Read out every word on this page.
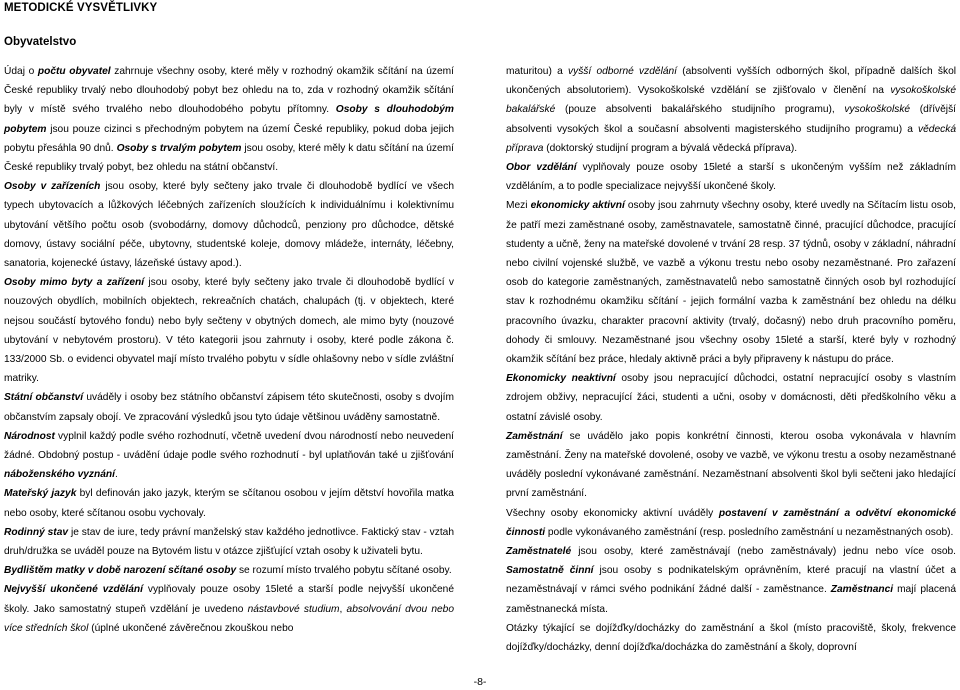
METODICKÉ VYSVĚTLIVKY
Obyvatelstvo

Údaj o počtu obyvatel zahrnuje všechny osoby, které měly v rozhodný okamžik sčítání na území České republiky trvalý nebo dlouhodobý pobyt bez ohledu na to, zda v rozhodný okamžik sčítání byly v místě svého trvalého nebo dlouhodobého pobytu přítomny. Osoby s dlouhodobým pobytem jsou pouze cizinci s přechodným pobytem na území České republiky, pokud doba jejich pobytu přesáhla 90 dnů. Osoby s trvalým pobytem jsou osoby, které měly k datu sčítání na území České republiky trvalý pobyt, bez ohledu na státní občanství.

Osoby v zařízeních jsou osoby, které byly sečteny jako trvale či dlouhodobě bydlící ve všech typech ubytovacích a lůžkových léčebných zařízeních sloužících k individuálnímu i kolektivnímu ubytování většího počtu osob (svobodárny, domovy důchodců, penziony pro důchodce, dětské domovy, ústavy sociální péče, ubytovny, studentské koleje, domovy mládeže, internáty, léčebny, sanatoria, kojenecké ústavy, lázeňské ústavy apod.).

Osoby mimo byty a zařízení jsou osoby, které byly sečteny jako trvale či dlouhodobě bydlící v nouzových obydlích, mobilních objektech, rekreačních chatách, chalupách (tj. v objektech, které nejsou součástí bytového fondu) nebo byly sečteny v obytných domech, ale mimo byty (nouzové ubytování v nebytovém prostoru). V této kategorii jsou zahrnuty i osoby, které podle zákona č. 133/2000 Sb. o evidenci obyvatel mají místo trvalého pobytu v sídle ohlašovny nebo v sídle zvláštní matriky.

Státní občanství uváděly i osoby bez státního občanství zápisem této skutečnosti, osoby s dvojím občanstvím zapsaly obojí. Ve zpracování výsledků jsou tyto údaje většinou uváděny samostatně.

Národnost vyplnil každý podle svého rozhodnutí, včetně uvedení dvou národností nebo neuvedení žádné. Obdobný postup - uvádění údaje podle svého rozhodnutí - byl uplatňován také u zjišťování náboženského vyznání.

Mateřský jazyk byl definován jako jazyk, kterým se sčítanou osobou v jejím dětství hovořila matka nebo osoby, které sčítanou osobu vychovaly.

Rodinný stav je stav de iure, tedy právní manželský stav každého jednotlivce. Faktický stav - vztah druh/družka se uváděl pouze na Bytovém listu v otázce zjišťující vztah osoby k uživateli bytu.

Bydlištěm matky v době narození sčítané osoby se rozumí místo trvalého pobytu sčítané osoby.

Nejvyšší ukončené vzdělání vyplňovaly pouze osoby 15leté a starší podle nejvyšší ukončené školy. Jako samostatný stupeň vzdělání je uvedeno nástavbové studium, absolvování dvou nebo více středních škol (úplné ukončené závěrečnou zkouškou nebo

maturitou) a vyšší odborné vzdělání (absolventi vyšších odborných škol, případně dalších škol ukončených absolutoriem). Vysokoškolské vzdělání se zjišťovalo v členění na vysokoškolské bakalářské (pouze absolventi bakalářského studijního programu), vysokoškolské (dřívější absolventi vysokých škol a současní absolventi magisterského studijního programu) a vědecká příprava (doktorský studijní program a bývalá vědecká příprava).

Obor vzdělání vyplňovaly pouze osoby 15leté a starší s ukončeným vyšším než základním vzděláním, a to podle specializace nejvyšší ukončené školy.

Mezi ekonomicky aktivní osoby jsou zahrnuty všechny osoby, které uvedly na Sčítacím listu osob, že patří mezi zaměstnané osoby, zaměstnavatele, samostatně činné, pracující důchodce, pracující studenty a učně, ženy na mateřské dovolené v trvání 28 resp. 37 týdnů, osoby v základní, náhradní nebo civilní vojenské službě, ve vazbě a výkonu trestu nebo osoby nezaměstnané. Pro zařazení osob do kategorie zaměstnaných, zaměstnavatelů nebo samostatně činných osob byl rozhodující stav k rozhodnému okamžiku sčítání - jejich formální vazba k zaměstnání bez ohledu na délku pracovního úvazku, charakter pracovní aktivity (trvalý, dočasný) nebo druh pracovního poměru, dohody či smlouvy. Nezaměstnané jsou všechny osoby 15leté a starší, které byly v rozhodný okamžik sčítání bez práce, hledaly aktivně práci a byly připraveny k nástupu do práce.

Ekonomicky neaktivní osoby jsou nepracující důchodci, ostatní nepracující osoby s vlastním zdrojem obživy, nepracující žáci, studenti a učni, osoby v domácnosti, děti předškolního věku a ostatní závislé osoby.

Zaměstnání se uvádělo jako popis konkrétní činnosti, kterou osoba vykonávala v hlavním zaměstnání. Ženy na mateřské dovolené, osoby ve vazbě, ve výkonu trestu a osoby nezaměstnané uváděly poslední vykonávané zaměstnání. Nezaměstnaní absolventi škol byli sečteni jako hledající první zaměstnání.

Všechny osoby ekonomicky aktivní uváděly postavení v zaměstnání a odvětví ekonomické činnosti podle vykonávaného zaměstnání (resp. posledního zaměstnání u nezaměstnaných osob).

Zaměstnatelé jsou osoby, které zaměstnávají (nebo zaměstnávaly) jednu nebo více osob. Samostatně činní jsou osoby s podnikatelským oprávněním, které pracují na vlastní účet a nezaměstnávají v rámci svého podnikání žádné další - zaměstnance. Zaměstnanci mají placená zaměstnanecká místa.

Otázky týkající se dojížďky/docházky do zaměstnání a škol (místo pracoviště, školy, frekvence dojížďky/docházky, denní dojížďka/docházka do zaměstnání a školy, doprovní

-8-
